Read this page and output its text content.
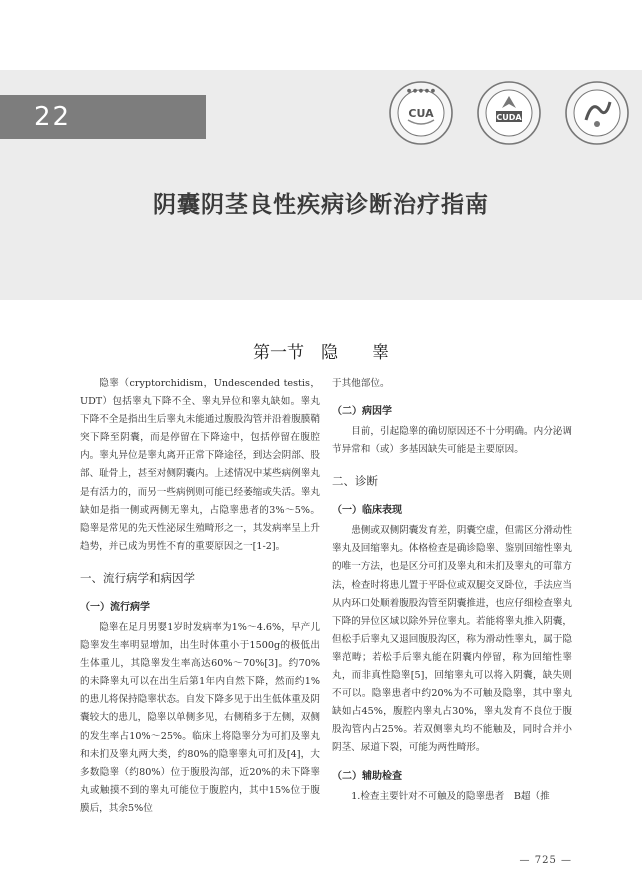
22
● ● ● ● ●
CUA	CUDA
阴囊阴茎良性疾病诊断治疗指南
第一节　隐　　睾

隐睾（cryptorchidism，Undescended testis，UDT）包括睾丸下降不全、睾丸异位和睾丸缺如。睾丸下降不全是指出生后睾丸未能通过腹股沟管并沿着腹膜鞘突下降至阴囊，而是停留在下降途中，包括停留在腹腔内。睾丸异位是睾丸离开正常下降途径，到达会阴部、股部、耻骨上，甚至对侧阴囊内。上述情况中某些病例睾丸是有活力的，而另一些病例则可能已经萎缩或失活。睾丸缺如是指一侧或两侧无睾丸，占隐睾患者的3%～5%。隐睾是常见的先天性泌尿生殖畸形之一，其发病率呈上升趋势，并已成为男性不育的重要原因之一[1-2]。

一、流行病学和病因学
（一）流行病学

隐睾在足月男婴1岁时发病率为1%～4.6%，早产儿隐睾发生率明显增加，出生时体重小于1500g的极低出生体重儿，其隐睾发生率高达60%～70%[3]。约70%的未降睾丸可以在出生后第1年内自然下降，然而约1%的患儿将保持隐睾状态。自发下降多见于出生低体重及阴囊较大的患儿，隐睾以单侧多见，右侧稍多于左侧，双侧的发生率占10%～25%。临床上将隐睾分为可扪及睾丸和未扪及睾丸两大类，约80%的隐睾睾丸可扪及[4]，大多数隐睾（约80%）位于腹股沟部，近20%的未下降睾丸或触摸不到的睾丸可能位于腹腔内，其中15%位于腹膜后，其余5%位

于其他部位。

（二）病因学

目前，引起隐睾的确切原因还不十分明确。内分泌调节异常和（或）多基因缺失可能是主要原因。

二、诊断
（一）临床表现

患侧或双侧阴囊发育差，阴囊空虚，但需区分滑动性睾丸及回缩睾丸。体格检查是确诊隐睾、鉴别回缩性睾丸的唯一方法，也是区分可扪及睾丸和未扪及睾丸的可靠方法，检查时将患儿置于平卧位或双腿交叉卧位，手法应当从内环口处顺着腹股沟管至阴囊推进，也应仔细检查睾丸下降的异位区域以除外异位睾丸。若能将睾丸推入阴囊，但松手后睾丸又退回腹股沟区，称为滑动性睾丸，属于隐睾范畴；若松手后睾丸能在阴囊内停留，称为回缩性睾丸，而非真性隐睾[5]，回缩睾丸可以将入阴囊，缺失则不可以。隐睾患者中约20%为不可触及隐睾，其中睾丸缺如占45%，腹腔内睾丸占30%，睾丸发育不良位于腹股沟管内占25%。若双侧睾丸均不能触及，同时合并小阴茎、尿道下裂，可能为两性畸形。

（二）辅助检查

1.检查主要针对不可触及的隐睾患者　B超（推

— 725 —
